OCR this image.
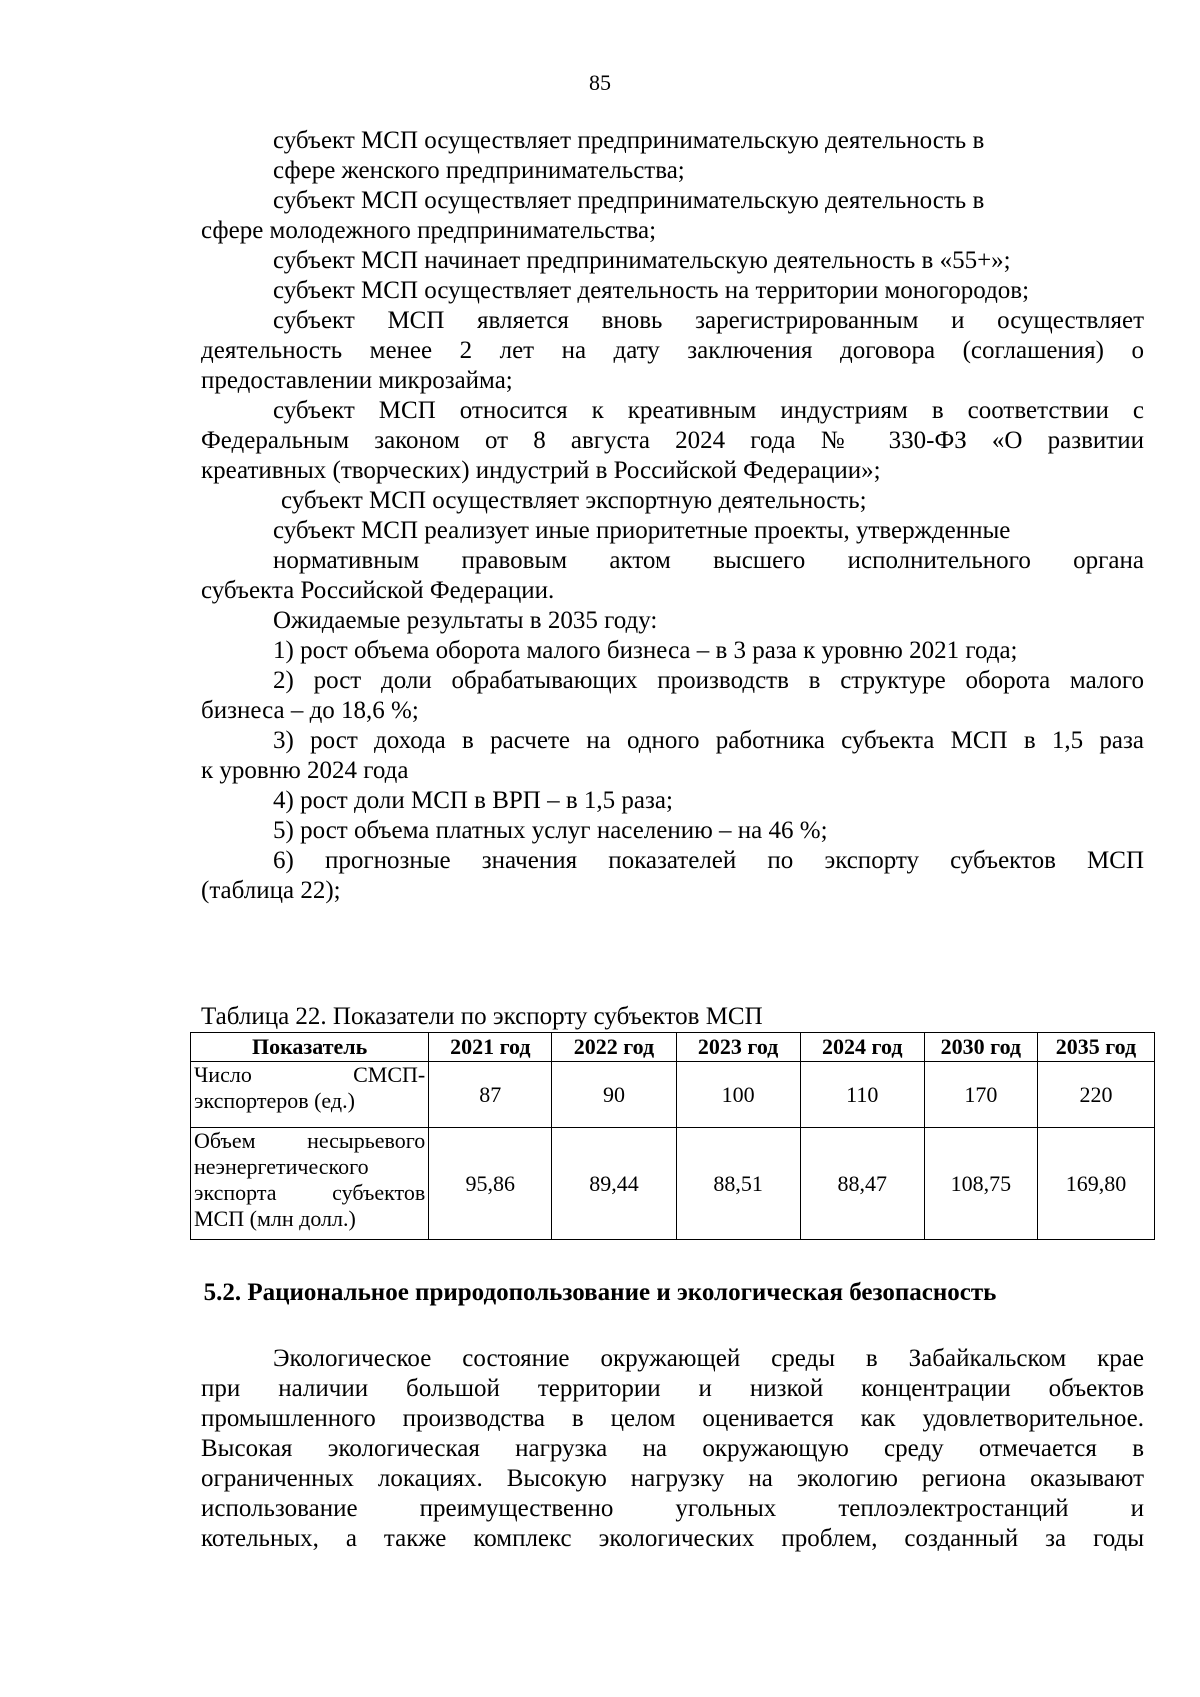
85

субъект МСП осуществляет предпринимательскую деятельность в

сфере женского предпринимательства;

субъект МСП осуществляет предпринимательскую деятельность в

сфере молодежного предпринимательства;

субъект МСП начинает предпринимательскую деятельность в «55+»;

субъект МСП осуществляет деятельность на территории моногородов;

субъект МСП является вновь зарегистрированным и осуществляет

деятельность менее 2 лет на дату заключения договора (соглашения) о

предоставлении микрозайма;

субъект МСП относится к креативным индустриям в соответствии с

Федеральным законом от 8 августа 2024 года № 330-ФЗ «О развитии

креативных (творческих) индустрий в Российской Федерации»;

субъект МСП осуществляет экспортную деятельность;

субъект МСП реализует иные приоритетные проекты, утвержденные

нормативным правовым актом высшего исполнительного органа

субъекта Российской Федерации.

Ожидаемые результаты в 2035 году:

1) рост объема оборота малого бизнеса – в 3 раза к уровню 2021 года;

2) рост доли обрабатывающих производств в структуре оборота малого

бизнеса – до 18,6 %;

3) рост дохода в расчете на одного работника субъекта МСП в 1,5 раза

к уровню 2024 года

4) рост доли МСП в ВРП – в 1,5 раза;

5) рост объема платных услуг населению – на 46 %;

6) прогнозные значения показателей по экспорту субъектов МСП

(таблица 22);

Таблица 22. Показатели по экспорту субъектов МСП
Показатель	2021 год	2022 год	2023 год	2024 год	2030 год	2035 год
Число СМСП-экспортеров (ед.)	87	90	100	110	170	220
Объем несырьевого неэнергетического экспорта субъектов МСП (млн долл.)	95,86	89,44	88,51	88,47	108,75	169,80
5.2. Рациональное природопользование и экологическая безопасность

Экологическое состояние окружающей среды в Забайкальском крае

при наличии большой территории и низкой концентрации объектов

промышленного производства в целом оценивается как удовлетворительное.

Высокая экологическая нагрузка на окружающую среду отмечается в

ограниченных локациях. Высокую нагрузку на экологию региона оказывают

использование преимущественно угольных теплоэлектростанций и

котельных, а также комплекс экологических проблем, созданный за годы
